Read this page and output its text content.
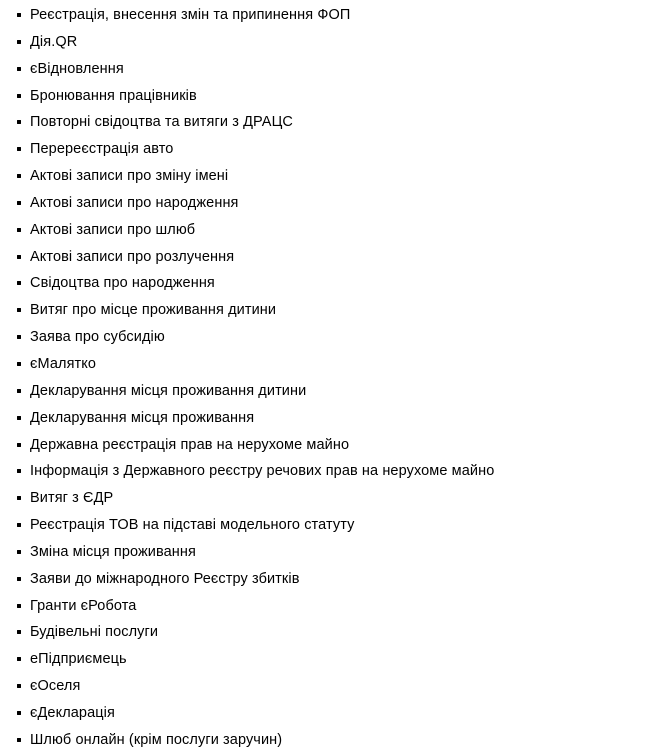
Реєстрація, внесення змін та припинення ФОП
Дія.QR
єВідновлення
Бронювання працівників
Повторні свідоцтва та витяги з ДРАЦС
Перереєстрація авто
Актові записи про зміну імені
Актові записи про народження
Актові записи про шлюб
Актові записи про розлучення
Свідоцтва про народження
Витяг про місце проживання дитини
Заява про субсидію
єМалятко
Декларування місця проживання дитини
Декларування місця проживання
Державна реєстрація прав на нерухоме майно
Інформація з Державного реєстру речових прав на нерухоме майно
Витяг з ЄДР
Реєстрація ТОВ на підставі модельного статуту
Зміна місця проживання
Заяви до міжнародного Реєстру збитків
Гранти єРобота
Будівельні послуги
еПідприємець
єОселя
єДекларація
Шлюб онлайн (крім послуги заручин)
